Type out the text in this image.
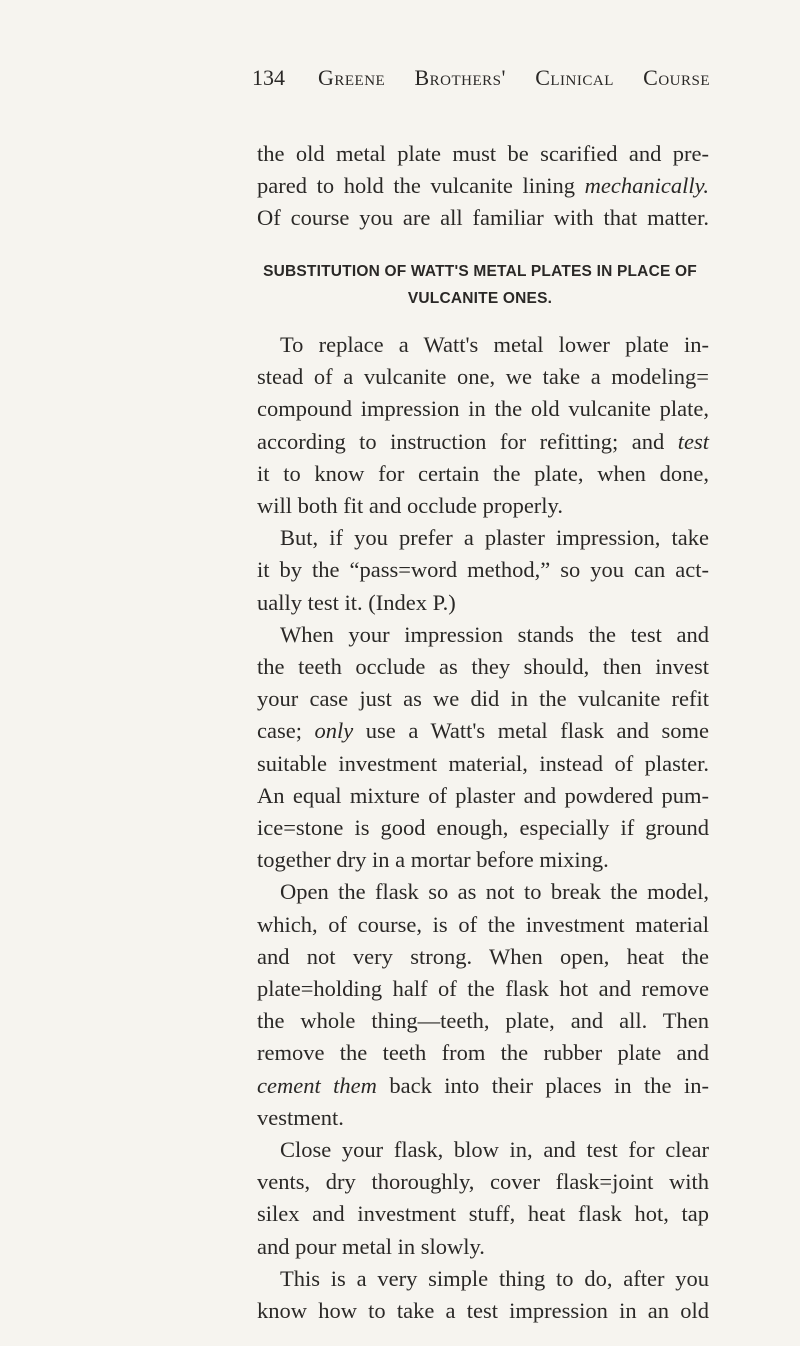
134 Greene Brothers' Clinical Course
the old metal plate must be scarified and pre-
pared to hold the vulcanite lining mechanically.
Of course you are all familiar with that matter.
SUBSTITUTION OF WATT'S METAL PLATES IN PLACE OF
VULCANITE ONES.
To replace a Watt's metal lower plate in-
stead of a vulcanite one, we take a modeling=
compound impression in the old vulcanite plate,
according to instruction for refitting; and test
it to know for certain the plate, when done,
will both fit and occlude properly.
But, if you prefer a plaster impression, take
it by the “pass=word method,” so you can act-
ually test it. (Index P.)
When your impression stands the test and
the teeth occlude as they should, then invest
your case just as we did in the vulcanite refit
case; only use a Watt's metal flask and some
suitable investment material, instead of plaster.
An equal mixture of plaster and powdered pum-
ice=stone is good enough, especially if ground
together dry in a mortar before mixing.
Open the flask so as not to break the model,
which, of course, is of the investment material
and not very strong. When open, heat the
plate=holding half of the flask hot and remove
the whole thing—teeth, plate, and all. Then
remove the teeth from the rubber plate and
cement them back into their places in the in-
vestment.
Close your flask, blow in, and test for clear
vents, dry thoroughly, cover flask=joint with
silex and investment stuff, heat flask hot, tap
and pour metal in slowly.
This is a very simple thing to do, after you
know how to take a test impression in an old
